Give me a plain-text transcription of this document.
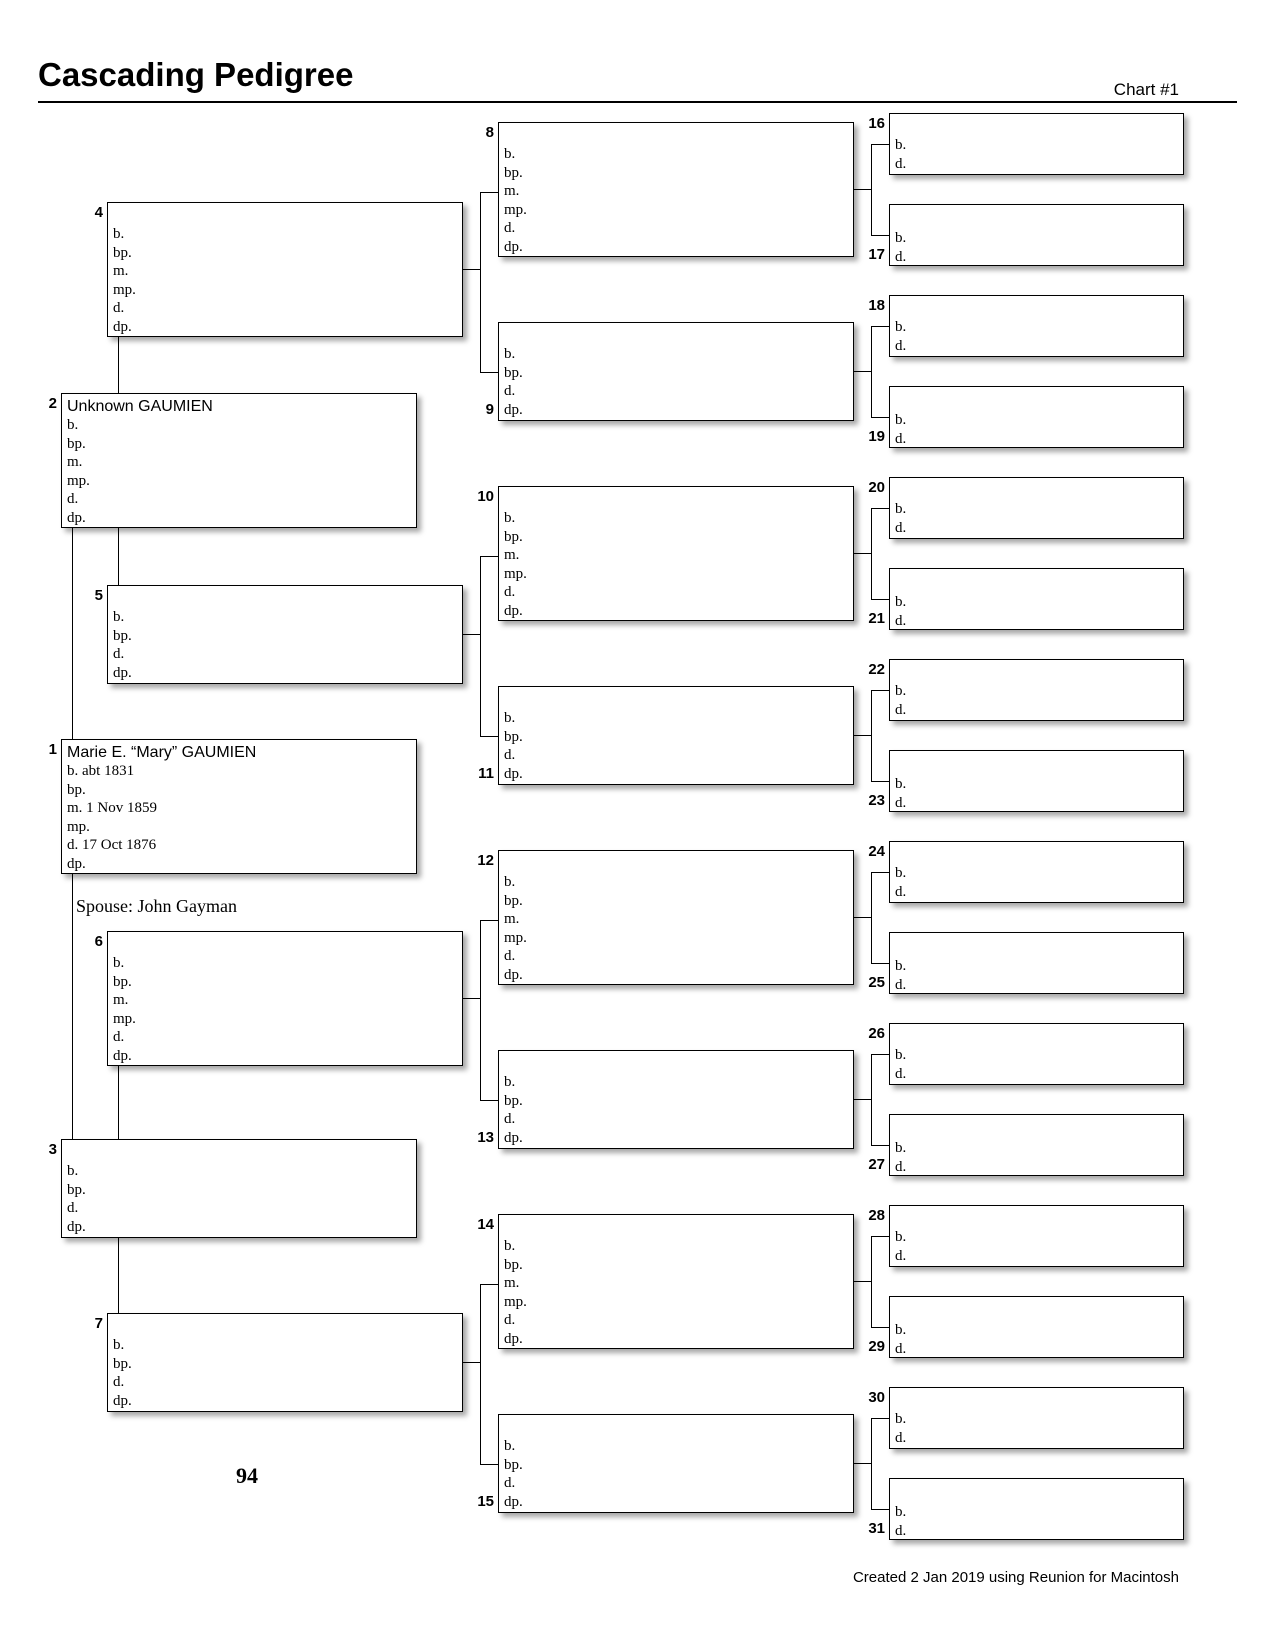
Cascading Pedigree	Chart #1
Marie E. “Mary” GAUMIEN
b. abt 1831
bp.
m. 1 Nov 1859
mp.
d. 17 Oct 1876
dp.
1
Unknown GAUMIEN
b.
bp.
m.
mp.
d.
dp.
2
b.
bp.
d.
dp.
3
b.
bp.
m.
mp.
d.
dp.
4
b.
bp.
d.
dp.
5
b.
bp.
m.
mp.
d.
dp.
6
b.
bp.
d.
dp.
7
b.
bp.
m.
mp.
d.
dp.
8
b.
bp.
d.
dp.
9
b.
bp.
m.
mp.
d.
dp.
10
b.
bp.
d.
dp.
11
b.
bp.
m.
mp.
d.
dp.
12
b.
bp.
d.
dp.
13
b.
bp.
m.
mp.
d.
dp.
14
b.
bp.
d.
dp.
15
b.
d.
16
b.
d.
17
b.
d.
18
b.
d.
19
b.
d.
20
b.
d.
21
b.
d.
22
b.
d.
23
b.
d.
24
b.
d.
25
b.
d.
26
b.
d.
27
b.
d.
28
b.
d.
29
b.
d.
30
b.
d.
31
Spouse: John Gayman
94
Created 2 Jan 2019 using Reunion for Macintosh
